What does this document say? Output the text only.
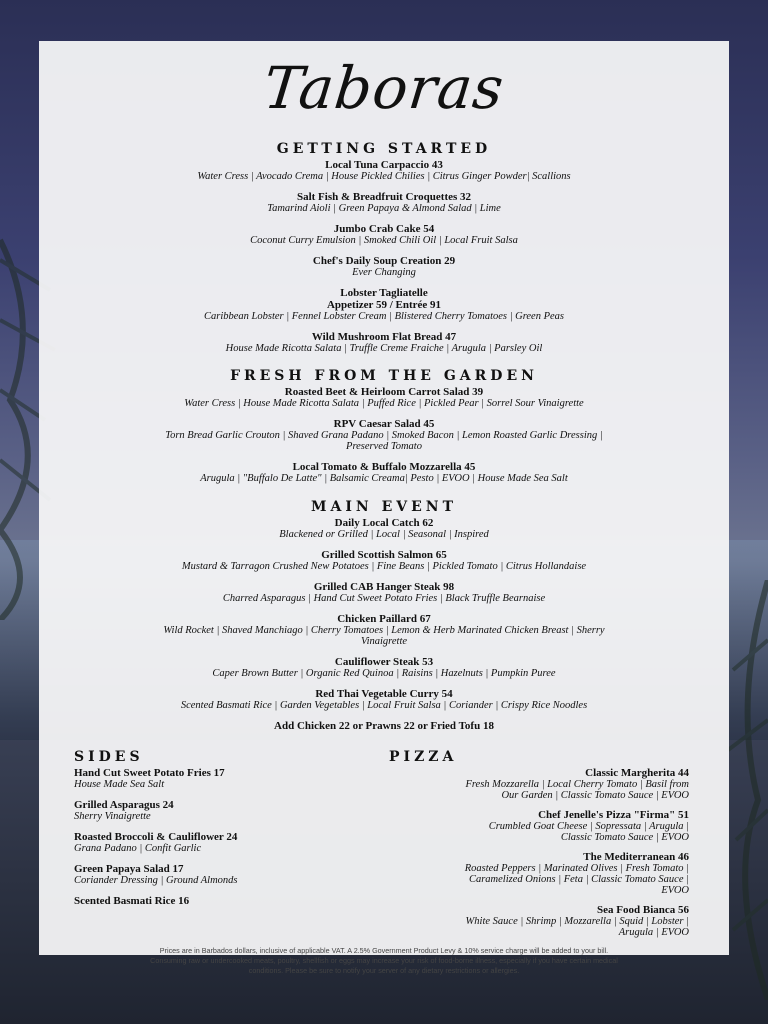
Taboras
GETTING STARTED
Local Tuna Carpaccio 43
Water Cress | Avocado Crema | House Pickled Chilies | Citrus Ginger Powder| Scallions
Salt Fish & Breadfruit Croquettes 32
Tamarind Aioli | Green Papaya & Almond Salad | Lime
Jumbo Crab Cake 54
Coconut Curry Emulsion | Smoked Chili Oil | Local Fruit Salsa
Chef's Daily Soup Creation 29
Ever Changing
Lobster Tagliatelle
Appetizer 59 / Entrée 91
Caribbean Lobster | Fennel Lobster Cream | Blistered Cherry Tomatoes | Green Peas
Wild Mushroom Flat Bread 47
House Made Ricotta Salata | Truffle Creme Fraiche | Arugula | Parsley Oil
FRESH FROM THE GARDEN
Roasted Beet & Heirloom Carrot Salad 39
Water Cress | House Made Ricotta Salata | Puffed Rice | Pickled Pear | Sorrel Sour Vinaigrette
RPV Caesar Salad 45
Torn Bread Garlic Crouton | Shaved Grana Padano | Smoked Bacon | Lemon Roasted Garlic Dressing |
Preserved Tomato
Local Tomato & Buffalo Mozzarella 45
Arugula | "Buffalo De Latte" | Balsamic Creama| Pesto | EVOO | House Made Sea Salt
MAIN EVENT
Daily Local Catch 62
Blackened or Grilled | Local | Seasonal | Inspired
Grilled Scottish Salmon 65
Mustard & Tarragon Crushed New Potatoes | Fine Beans | Pickled Tomato | Citrus Hollandaise
Grilled CAB Hanger Steak 98
Charred Asparagus | Hand Cut Sweet Potato Fries | Black Truffle Bearnaise
Chicken Paillard 67
Wild Rocket | Shaved Manchiago | Cherry Tomatoes | Lemon & Herb Marinated Chicken Breast | Sherry
Vinaigrette
Cauliflower Steak 53
Caper Brown Butter | Organic Red Quinoa | Raisins | Hazelnuts | Pumpkin Puree
Red Thai Vegetable Curry 54
Scented Basmati Rice | Garden Vegetables | Local Fruit Salsa | Coriander | Crispy Rice Noodles
Add Chicken 22 or Prawns 22 or Fried Tofu 18
SIDES
Hand Cut Sweet Potato Fries 17
House Made Sea Salt
Grilled Asparagus 24
Sherry Vinaigrette
Roasted Broccoli & Cauliflower 24
Grana Padano | Confit Garlic
Green Papaya Salad 17
Coriander Dressing | Ground Almonds
Scented Basmati Rice 16
PIZZA
Classic Margherita 44
Fresh Mozzarella | Local Cherry Tomato | Basil from
Our Garden | Classic Tomato Sauce | EVOO
Chef Jenelle's Pizza "Firma" 51
Crumbled Goat Cheese | Sopressata | Arugula |
Classic Tomato Sauce | EVOO
The Mediterranean 46
Roasted Peppers | Marinated Olives | Fresh Tomato |
Caramelized Onions | Feta | Classic Tomato Sauce |
EVOO
Sea Food Bianca 56
White Sauce | Shrimp | Mozzarella | Squid | Lobster |
Arugula | EVOO
Prices are in Barbados dollars, inclusive of applicable VAT. A 2.5% Government Product Levy & 10% service charge will be added to your bill.
Consuming raw or undercooked meats, poultry, shellfish or eggs may increase your risk of food-borne illness, especially if you have certain medical
conditions. Please be sure to notify your server of any dietary restrictions or allergies.
